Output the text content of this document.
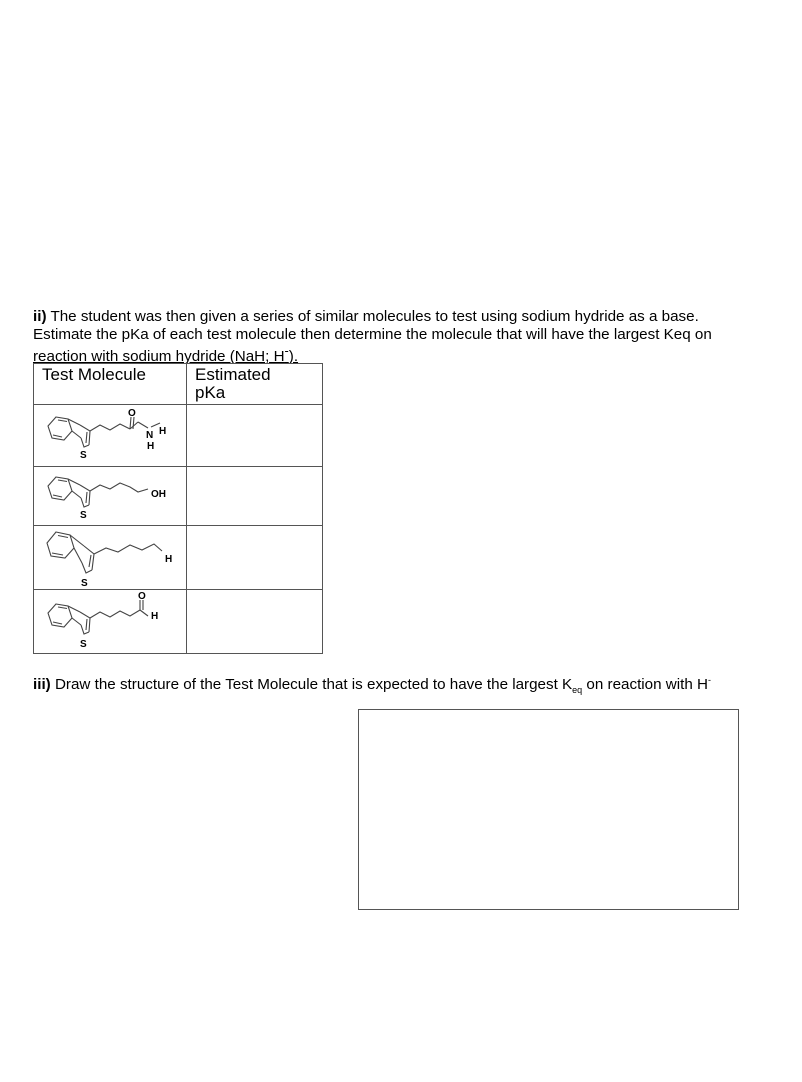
ii) The student was then given a series of similar molecules to test using sodium hydride as a base.
Estimate the pKa of each test molecule then determine the molecule that will have the largest Keq on
reaction with sodium hydride (NaH; H-).
Test Molecule	Estimated
pKa

O
N H
H
S	

OH
S	

H
S	

O
H
S	

iii) Draw the structure of the Test Molecule that is expected to have the largest $K_{eq}$ on reaction with H-
